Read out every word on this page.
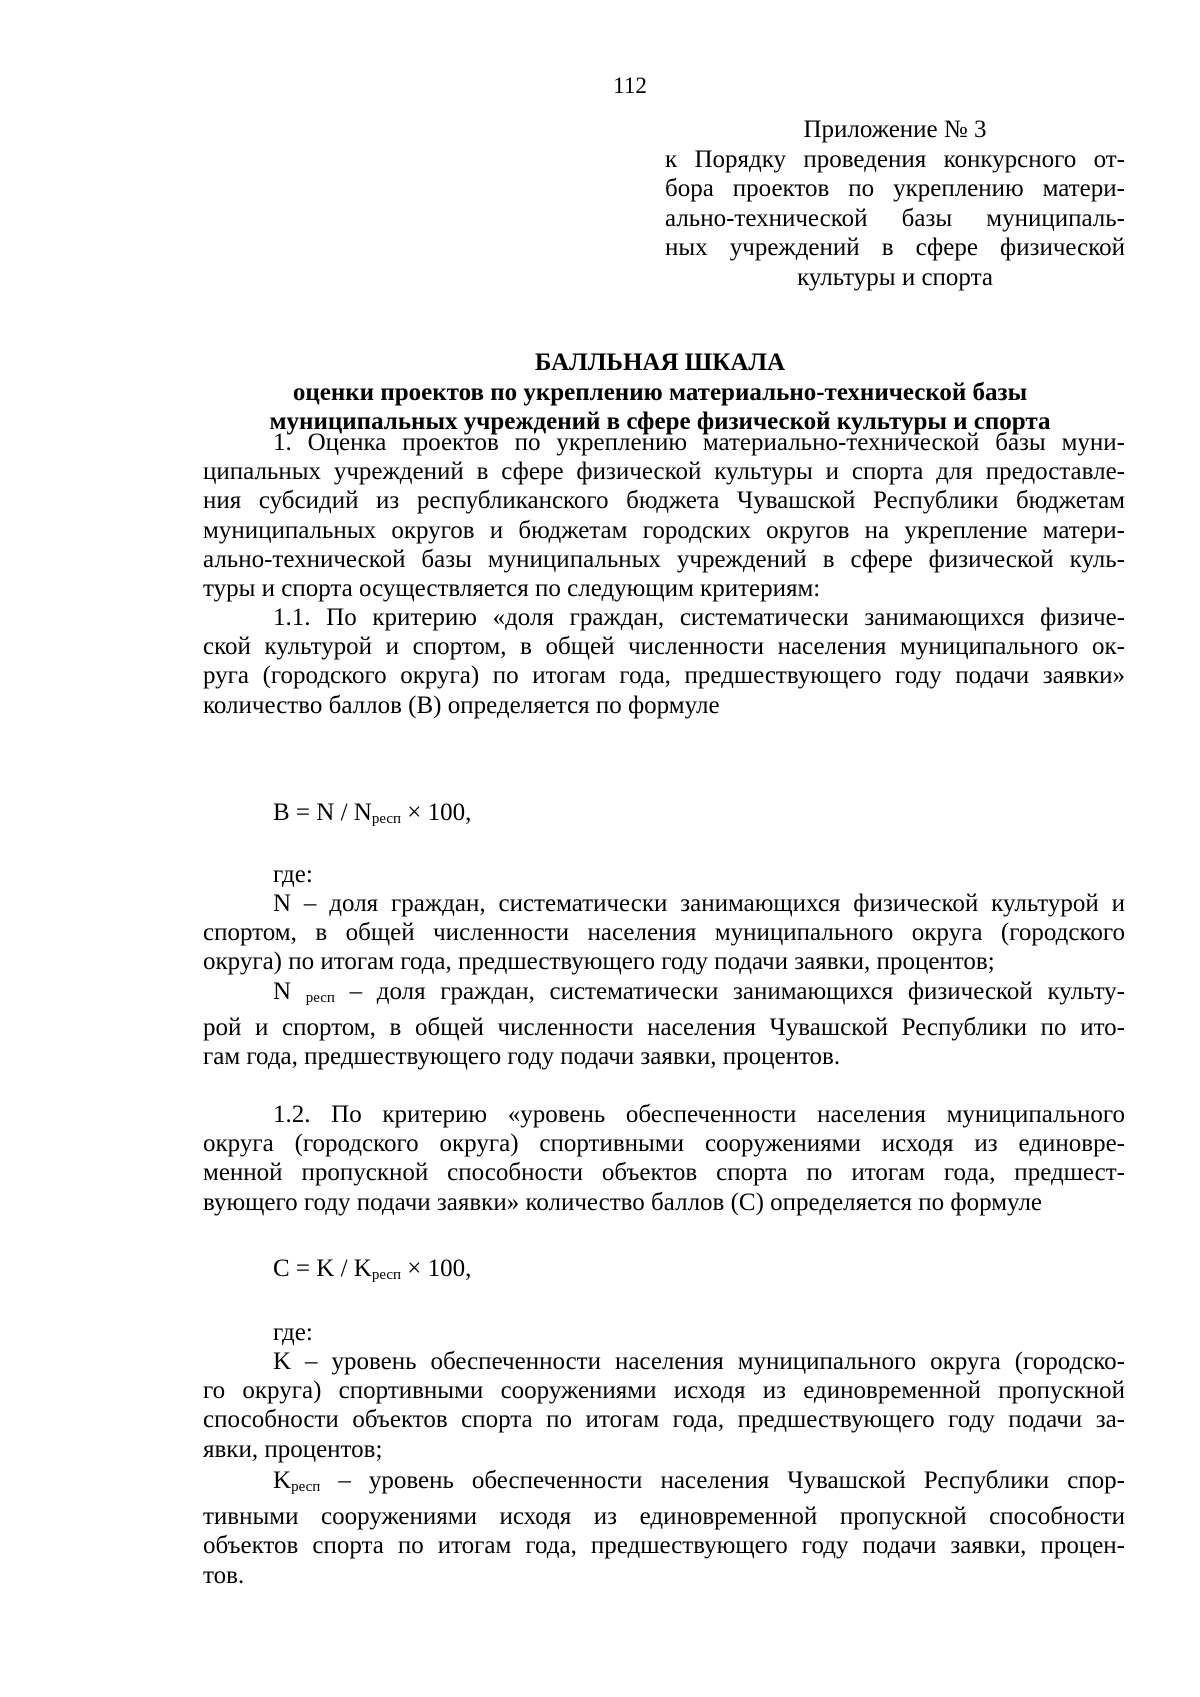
112
Приложение № 3
к Порядку проведения конкурсного от-
бора проектов по укреплению матери-
ально-технической базы муниципаль-
ных учреждений в сфере физической
культуры и спорта
БАЛЛЬНАЯ ШКАЛА
оценки проектов по укреплению материально-технической базы
муниципальных учреждений в сфере физической культуры и спорта
1. Оценка проектов по укреплению материально-технической базы муни-
ципальных учреждений в сфере физической культуры и спорта для предоставле-
ния субсидий из республиканского бюджета Чувашской Республики бюджетам
муниципальных округов и бюджетам городских округов на укрепление матери-
ально-технической базы муниципальных учреждений в сфере физической куль-
туры и спорта осуществляется по следующим критериям:
1.1. По критерию «доля граждан, систематически занимающихся физиче-
ской культурой и спортом, в общей численности населения муниципального ок-
руга (городского округа) по итогам года, предшествующего году подачи заявки»
количество баллов (B) определяется по формуле
$B = N / N_{респ} \times 100$,
где:
N – доля граждан, систематически занимающихся физической культурой и
спортом, в общей численности населения муниципального округа (городского
округа) по итогам года, предшествующего году подачи заявки, процентов;
N $_{респ}$ – доля граждан, систематически занимающихся физической культу-
рой и спортом, в общей численности населения Чувашской Республики по ито-
гам года, предшествующего году подачи заявки, процентов.
1.2. По критерию «уровень обеспеченности населения муниципального
округа (городского округа) спортивными сооружениями исходя из единовре-
менной пропускной способности объектов спорта по итогам года, предшест-
вующего году подачи заявки» количество баллов (C) определяется по формуле
$C = K / K_{респ} \times 100$,
где:
K – уровень обеспеченности населения муниципального округа (городско-
го округа) спортивными сооружениями исходя из единовременной пропускной
способности объектов спорта по итогам года, предшествующего году подачи за-
явки, процентов;
$K_{респ}$ – уровень обеспеченности населения Чувашской Республики спор-
тивными сооружениями исходя из единовременной пропускной способности
объектов спорта по итогам года, предшествующего году подачи заявки, процен-
тов.
